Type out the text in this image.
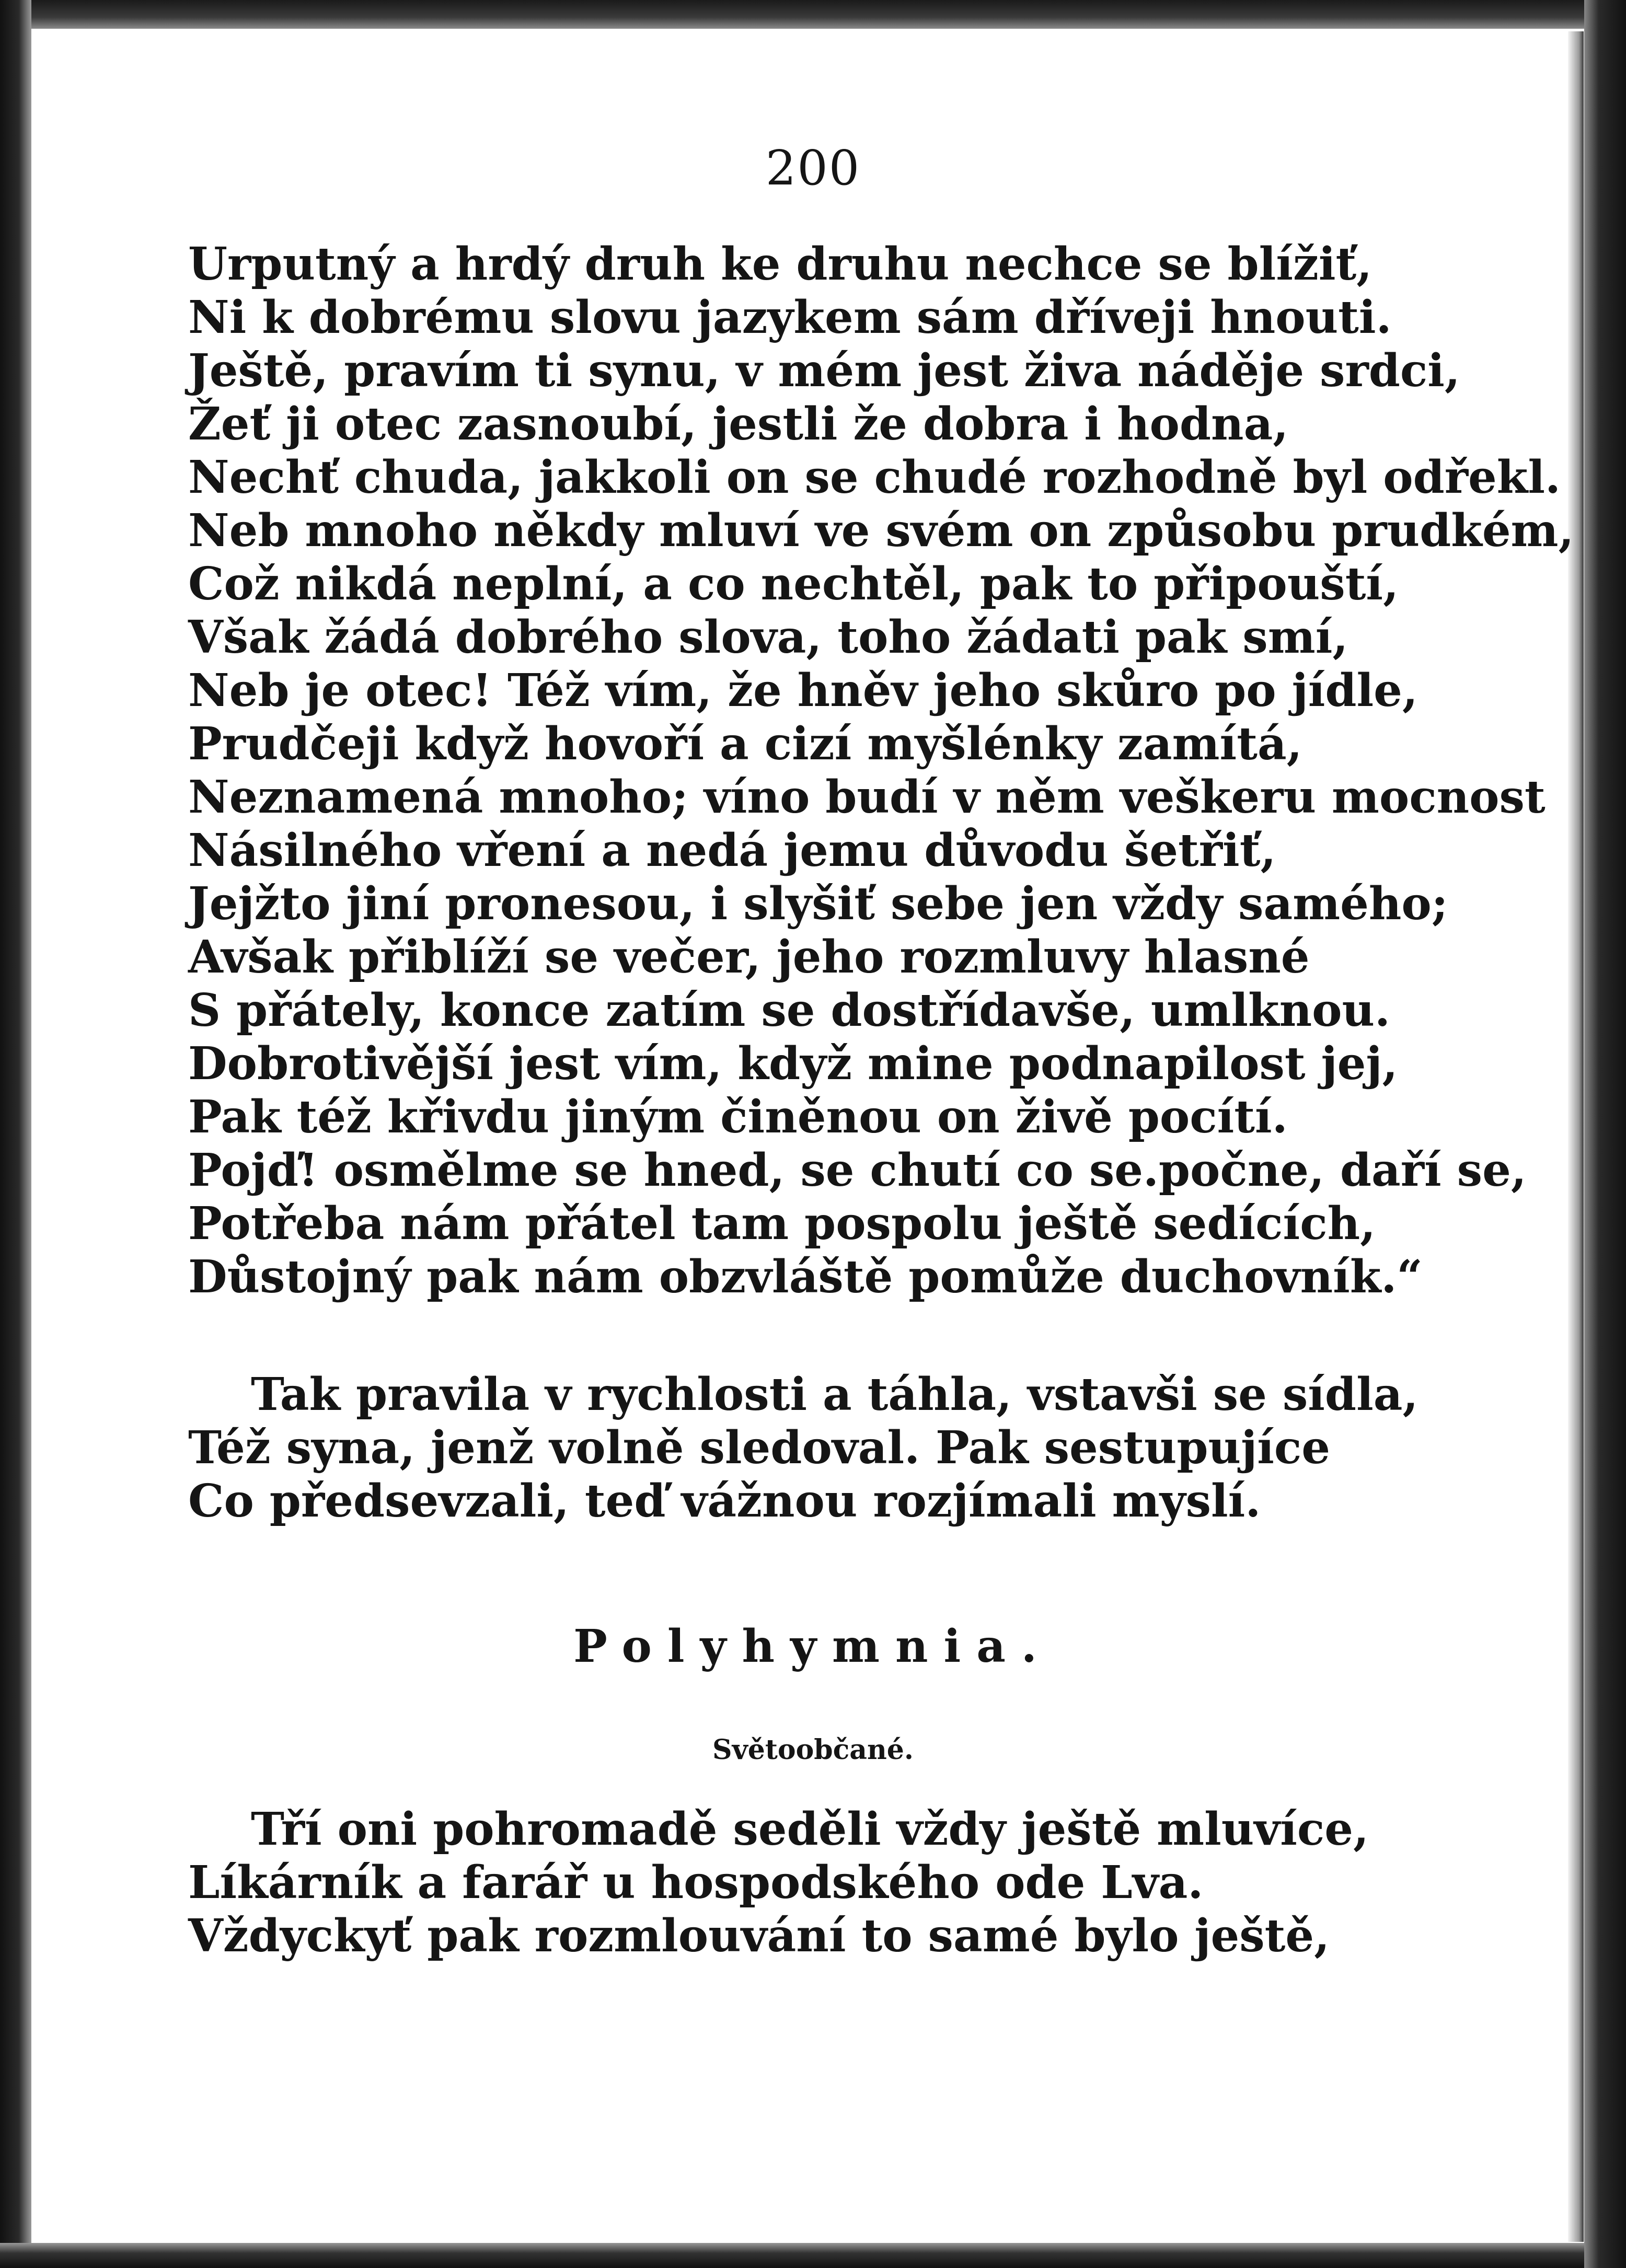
200
Urputný a hrdý druh ke druhu nechce se blížiť,
Ni k dobrému slovu jazykem sám dříveji hnouti.
Ještě, pravím ti synu, v mém jest živa náděje srdci,
Žeť ji otec zasnoubí, jestli že dobra i hodna,
Nechť chuda, jakkoli on se chudé rozhodně byl odřekl.
Neb mnoho někdy mluví ve svém on způsobu prudkém,
Což nikdá neplní, a co nechtěl, pak to připouští,
Však žádá dobrého slova, toho žádati pak smí,
Neb je otec! Též vím, že hněv jeho skůro po jídle,
Prudčeji když hovoří a cizí myšlénky zamítá,
Neznamená mnoho; víno budí v něm veškeru mocnost
Násilného vření a nedá jemu důvodu šetřiť,
Jejžto jiní pronesou, i slyšiť sebe jen vždy samého;
Avšak přiblíží se večer, jeho rozmluvy hlasné
S přátely, konce zatím se dostřídavše, umlknou.
Dobrotivější jest vím, když mine podnapilost jej,
Pak též křivdu jiným činěnou on živě pocítí.
Pojď! osmělme se hned, se chutí co se.počne, daří se,
Potřeba nám přátel tam pospolu ještě sedících,
Důstojný pak nám obzvláště pomůže duchovník.“
Tak pravila v rychlosti a táhla, vstavši se sídla,
Též syna, jenž volně sledoval. Pak sestupujíce
Co předsevzali, teď vážnou rozjímali myslí.
Polyhymnia.
Světoobčané.
Tří oni pohromadě seděli vždy ještě mluvíce,
Líkárník a farář u hospodského ode Lva.
Vždyckyť pak rozmlouvání to samé bylo ještě,
